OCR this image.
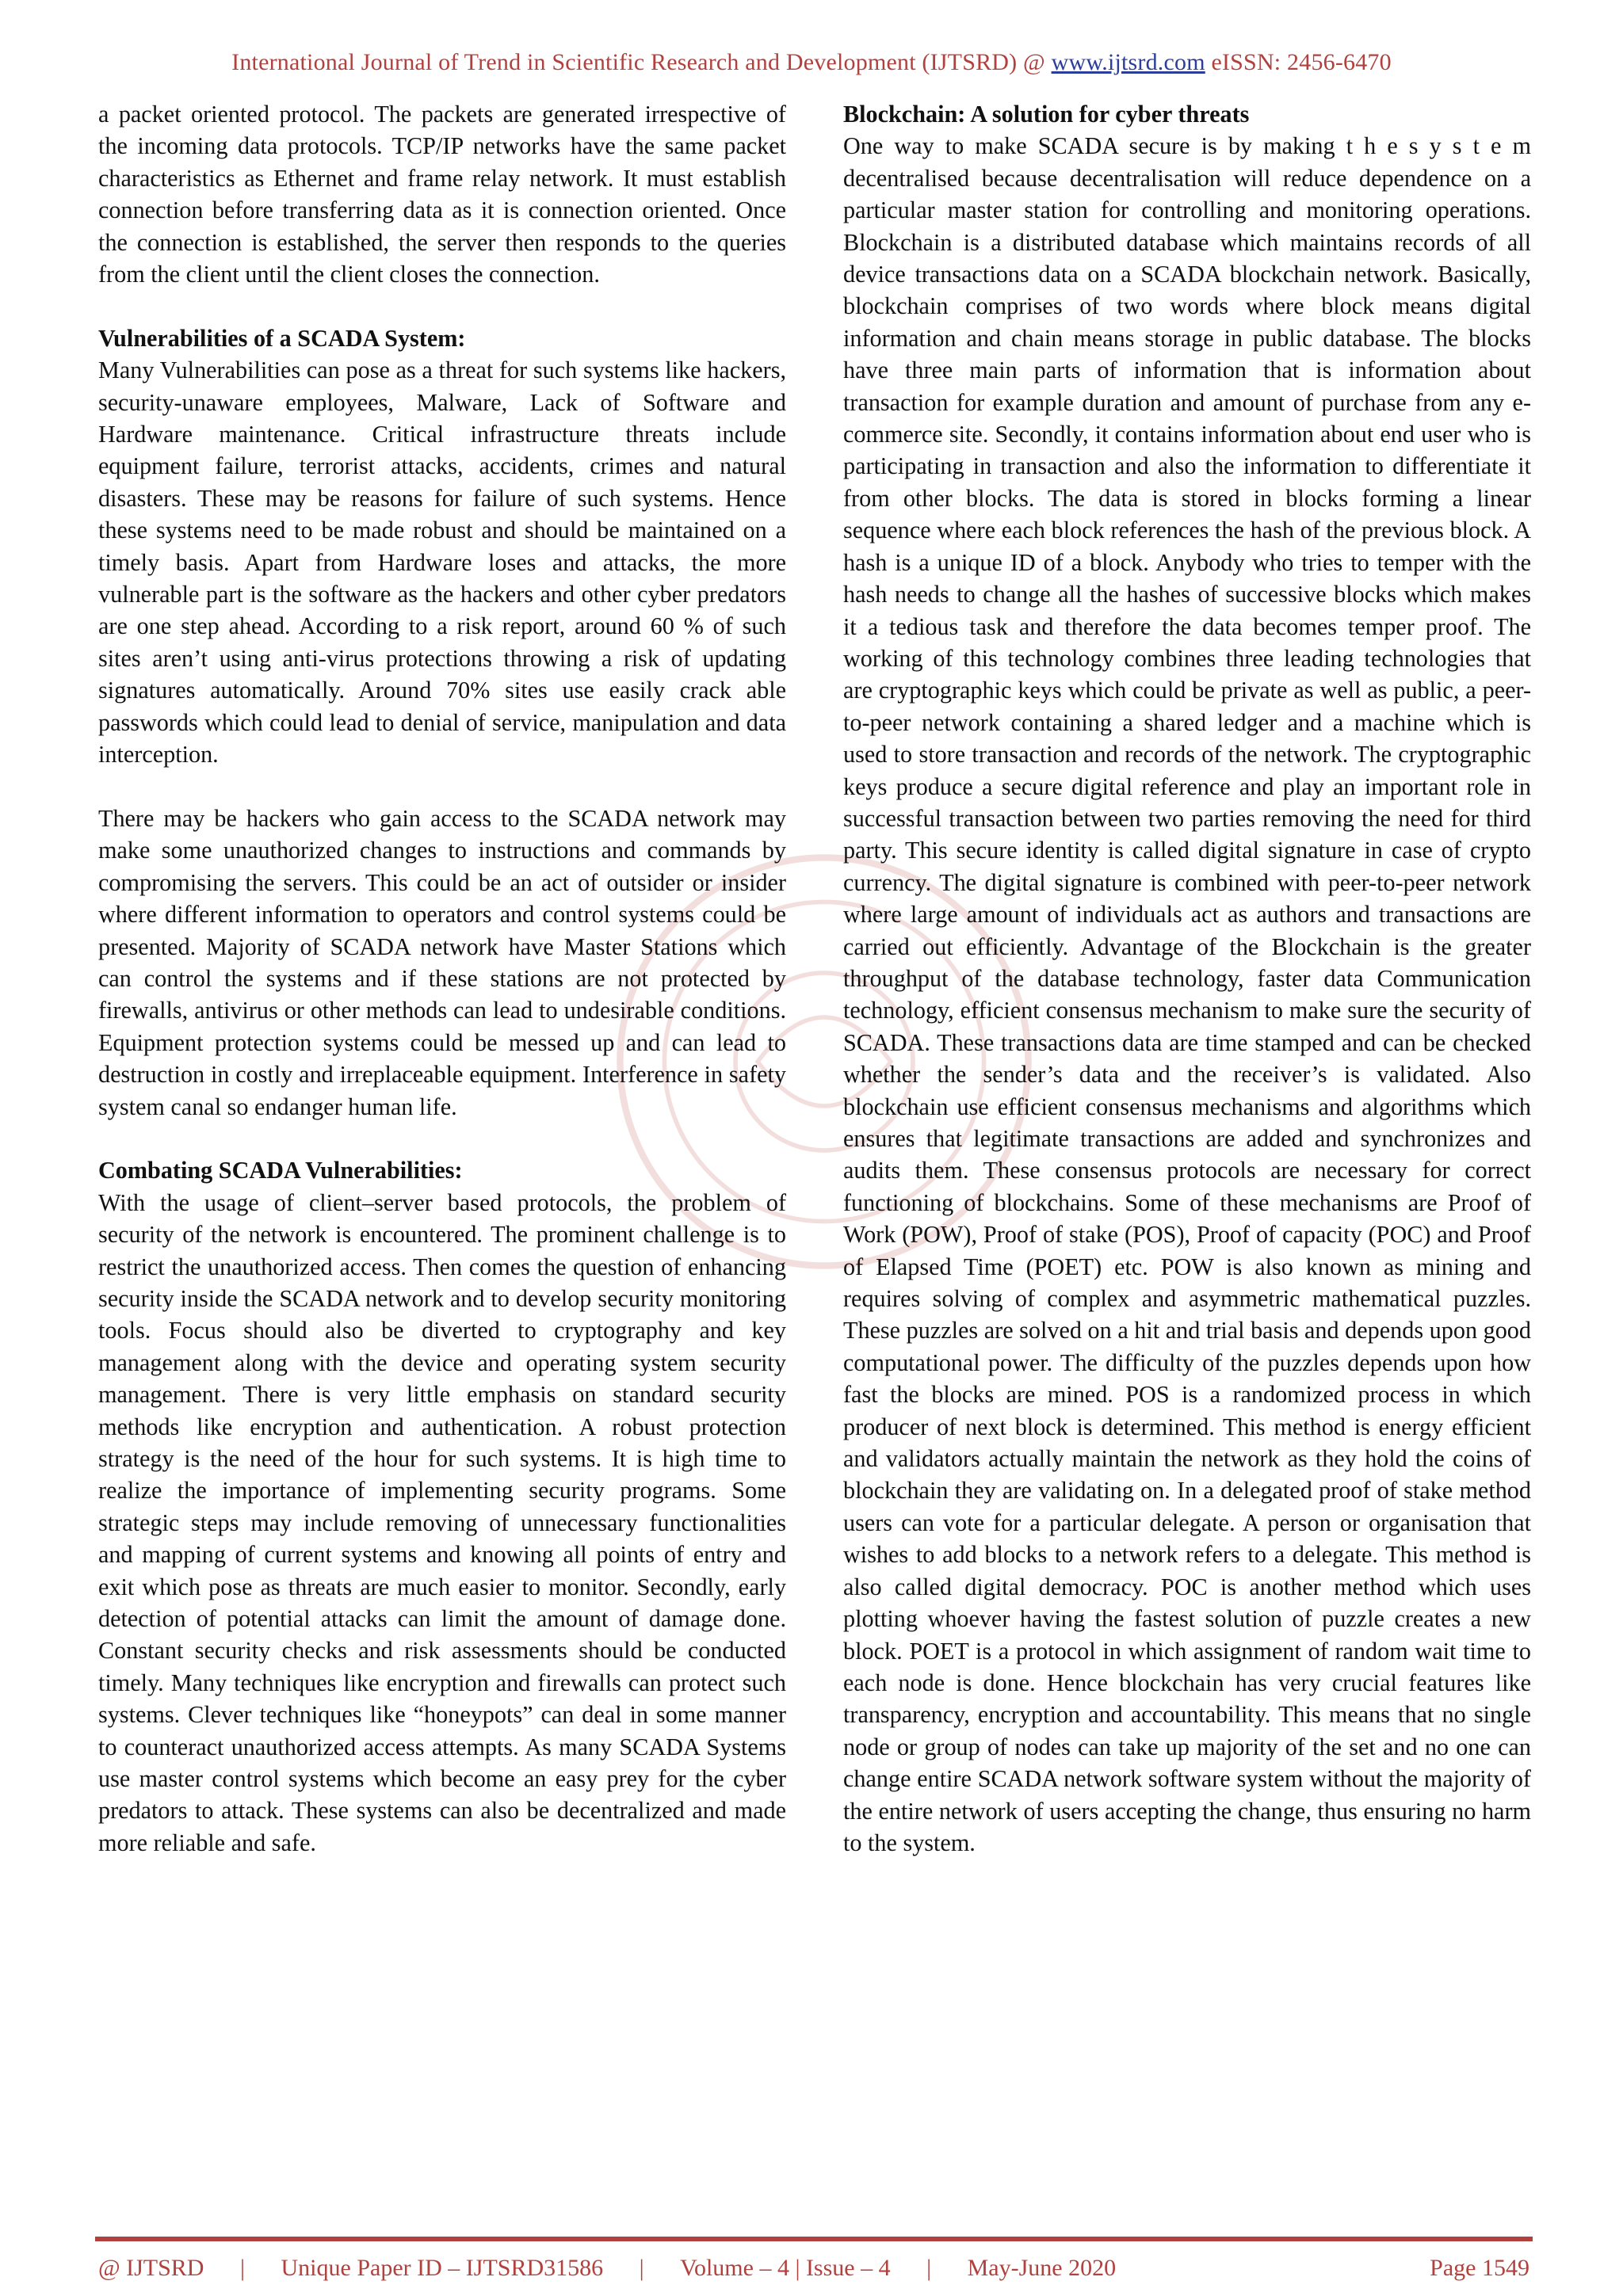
International Journal of Trend in Scientific Research and Development (IJTSRD) @ www.ijtsrd.com eISSN: 2456-6470

a packet oriented protocol. The packets are generated irrespective of the incoming data protocols. TCP/IP networks have the same packet characteristics as Ethernet and frame relay network. It must establish connection before transferring data as it is connection oriented. Once the connection is established, the server then responds to the queries from the client until the client closes the connection.

Vulnerabilities of a SCADA System:

Many Vulnerabilities can pose as a threat for such systems like hackers, security-unaware employees, Malware, Lack of Software and Hardware maintenance. Critical infrastructure threats include equipment failure, terrorist attacks, accidents, crimes and natural disasters. These may be reasons for failure of such systems. Hence these systems need to be made robust and should be maintained on a timely basis. Apart from Hardware loses and attacks, the more vulnerable part is the software as the hackers and other cyber predators are one step ahead. According to a risk report, around 60 % of such sites aren’t using anti-virus protections throwing a risk of updating signatures automatically. Around 70% sites use easily crack able passwords which could lead to denial of service, manipulation and data interception.

There may be hackers who gain access to the SCADA network may make some unauthorized changes to instructions and commands by compromising the servers. This could be an act of outsider or insider where different information to operators and control systems could be presented. Majority of SCADA network have Master Stations which can control the systems and if these stations are not protected by firewalls, antivirus or other methods can lead to undesirable conditions. Equipment protection systems could be messed up and can lead to destruction in costly and irreplaceable equipment. Interference in safety system canal so endanger human life.

Combating SCADA Vulnerabilities:

With the usage of client–server based protocols, the problem of security of the network is encountered. The prominent challenge is to restrict the unauthorized access. Then comes the question of enhancing security inside the SCADA network and to develop security monitoring tools. Focus should also be diverted to cryptography and key management along with the device and operating system security management. There is very little emphasis on standard security methods like encryption and authentication. A robust protection strategy is the need of the hour for such systems. It is high time to realize the importance of implementing security programs. Some strategic steps may include removing of unnecessary functionalities and mapping of current systems and knowing all points of entry and exit which pose as threats are much easier to monitor. Secondly, early detection of potential attacks can limit the amount of damage done. Constant security checks and risk assessments should be conducted timely. Many techniques like encryption and firewalls can protect such systems. Clever techniques like “honeypots” can deal in some manner to counteract unauthorized access attempts. As many SCADA Systems use master control systems which become an easy prey for the cyber predators to attack. These systems can also be decentralized and made more reliable and safe.

Blockchain: A solution for cyber threats

One way to make SCADA secure is by making t h e s y s t e m decentralised because decentralisation will reduce dependence on a particular master station for controlling and monitoring operations. Blockchain is a distributed database which maintains records of all device transactions data on a SCADA blockchain network. Basically, blockchain comprises of two words where block means digital information and chain means storage in public database. The blocks have three main parts of information that is information about transaction for example duration and amount of purchase from any e-commerce site. Secondly, it contains information about end user who is participating in transaction and also the information to differentiate it from other blocks. The data is stored in blocks forming a linear sequence where each block references the hash of the previous block. A hash is a unique ID of a block. Anybody who tries to temper with the hash needs to change all the hashes of successive blocks which makes it a tedious task and therefore the data becomes temper proof. The working of this technology combines three leading technologies that are cryptographic keys which could be private as well as public, a peer-to-peer network containing a shared ledger and a machine which is used to store transaction and records of the network. The cryptographic keys produce a secure digital reference and play an important role in successful transaction between two parties removing the need for third party. This secure identity is called digital signature in case of crypto currency. The digital signature is combined with peer-to-peer network where large amount of individuals act as authors and transactions are carried out efficiently. Advantage of the Blockchain is the greater throughput of the database technology, faster data Communication technology, efficient consensus mechanism to make sure the security of SCADA. These transactions data are time stamped and can be checked whether the sender’s data and the receiver’s is validated. Also blockchain use efficient consensus mechanisms and algorithms which ensures that legitimate transactions are added and synchronizes and audits them. These consensus protocols are necessary for correct functioning of blockchains. Some of these mechanisms are Proof of Work (POW), Proof of stake (POS), Proof of capacity (POC) and Proof of Elapsed Time (POET) etc. POW is also known as mining and requires solving of complex and asymmetric mathematical puzzles. These puzzles are solved on a hit and trial basis and depends upon good computational power. The difficulty of the puzzles depends upon how fast the blocks are mined. POS is a randomized process in which producer of next block is determined. This method is energy efficient and validators actually maintain the network as they hold the coins of blockchain they are validating on. In a delegated proof of stake method users can vote for a particular delegate. A person or organisation that wishes to add blocks to a network refers to a delegate. This method is also called digital democracy. POC is another method which uses plotting whoever having the fastest solution of puzzle creates a new block. POET is a protocol in which assignment of random wait time to each node is done. Hence blockchain has very crucial features like transparency, encryption and accountability. This means that no single node or group of nodes can take up majority of the set and no one can change entire SCADA network software system without the majority of the entire network of users accepting the change, thus ensuring no harm to the system.

@ IJTSRD | Unique Paper ID – IJTSRD31586 | Volume – 4 | Issue – 4 | May-June 2020	Page 1549
